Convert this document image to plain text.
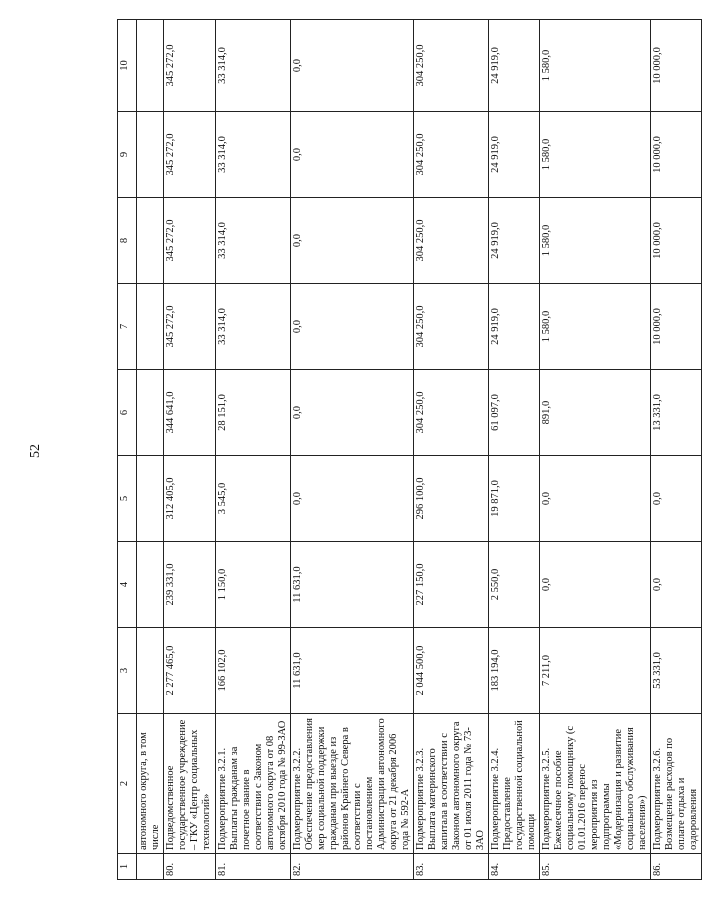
52
1	2	3	4	5	6	7	8	9	10
	автономного округа, в том числе								
80.	Подведомственное государственное учреждение – ГКУ «Центр социальных технологий»	2 277 465,0	239 331,0	312 405,0	344 641,0	345 272,0	345 272,0	345 272,0	345 272,0
81.	Подмероприятие 3.2.1. Выплаты гражданам за почетное звание в соответствии с Законом автономного округа от 08 октября 2010 года № 99-ЗАО	166 102,0	1 150,0	3 545,0	28 151,0	33 314,0	33 314,0	33 314,0	33 314,0
82.	Подмероприятие 3.2.2. Обеспечение предоставления мер социальной поддержки гражданам при выезде из районов Крайнего Севера в соответствии с постановлением Администрации автономного округа от 21 декабря 2006 года № 592-А	11 631,0	11 631,0	0,0	0,0	0,0	0,0	0,0	0,0
83.	Подмероприятие 3.2.3. Выплата материнского капитала в соответствии с Законом автономного округа от 01 июля 2011 года № 73-ЗАО	2 044 500,0	227 150,0	296 100,0	304 250,0	304 250,0	304 250,0	304 250,0	304 250,0
84.	Подмероприятие 3.2.4. Предоставление государственной социальной помощи	183 194,0	2 550,0	19 871,0	61 097,0	24 919,0	24 919,0	24 919,0	24 919,0
85.	Подмероприятие 3.2.5. Ежемесячное пособие социальному помощнику (с 01.01.2016 перенос мероприятия из подпрограммы «Модернизация и развитие социального обслуживания населения»)	7 211,0	0,0	0,0	891,0	1 580,0	1 580,0	1 580,0	1 580,0
86.	Подмероприятие 3.2.6. Возмещение расходов по оплате отдыха и оздоровления	53 331,0	0,0	0,0	13 331,0	10 000,0	10 000,0	10 000,0	10 000,0
